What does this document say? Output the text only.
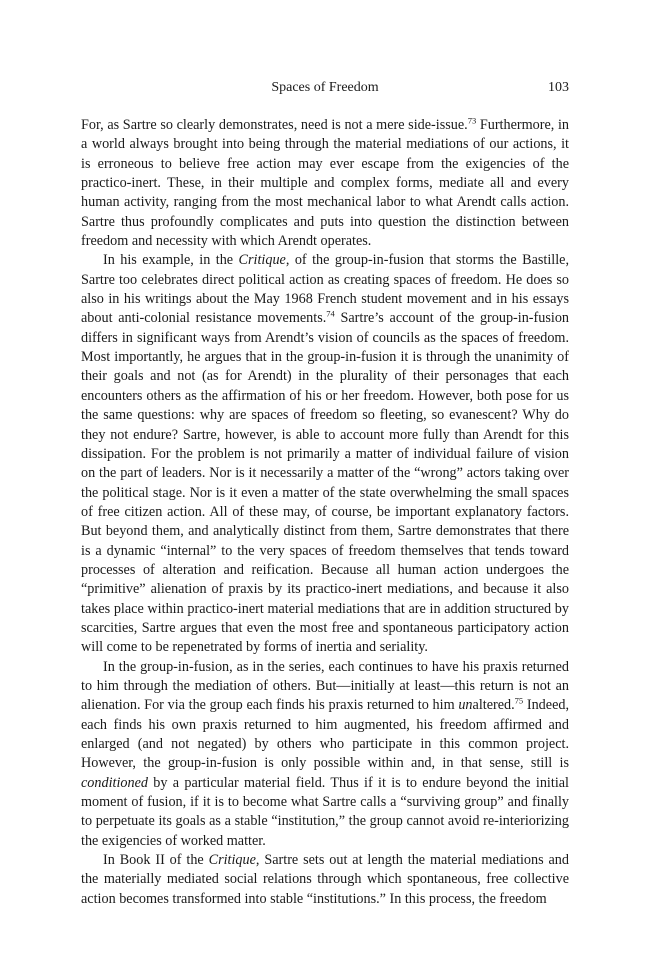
Spaces of Freedom	103

For, as Sartre so clearly demonstrates, need is not a mere side-issue.$^{73}$ Furthermore, in a world always brought into being through the material mediations of our actions, it is erroneous to believe free action may ever escape from the exigencies of the practico-inert. These, in their multiple and complex forms, mediate all and every human activity, ranging from the most mechanical labor to what Arendt calls action. Sartre thus profoundly complicates and puts into question the distinction between freedom and necessity with which Arendt operates.

In his example, in the Critique, of the group-in-fusion that storms the Bastille, Sartre too celebrates direct political action as creating spaces of freedom. He does so also in his writings about the May 1968 French student movement and in his essays about anti-colonial resistance movements.$^{74}$ Sartre’s account of the group-in-fusion differs in significant ways from Arendt’s vision of councils as the spaces of freedom. Most importantly, he argues that in the group-in-fusion it is through the unanimity of their goals and not (as for Arendt) in the plurality of their personages that each encounters others as the affirmation of his or her freedom. However, both pose for us the same questions: why are spaces of freedom so fleeting, so evanescent? Why do they not endure? Sartre, however, is able to account more fully than Arendt for this dissipation. For the problem is not primarily a matter of individual failure of vision on the part of leaders. Nor is it necessarily a matter of the “wrong” actors taking over the political stage. Nor is it even a matter of the state overwhelming the small spaces of free citizen action. All of these may, of course, be important explanatory factors. But beyond them, and analytically distinct from them, Sartre demonstrates that there is a dynamic “internal” to the very spaces of freedom themselves that tends toward processes of alteration and reification. Because all human action undergoes the “primitive” alienation of praxis by its practico-inert mediations, and because it also takes place within practico-inert material mediations that are in addition structured by scarcities, Sartre argues that even the most free and spontaneous participatory action will come to be repenetrated by forms of inertia and seriality.

In the group-in-fusion, as in the series, each continues to have his praxis returned to him through the mediation of others. But—initially at least—this return is not an alienation. For via the group each finds his praxis returned to him unaltered.$^{75}$ Indeed, each finds his own praxis returned to him augmented, his freedom affirmed and enlarged (and not negated) by others who participate in this common project. However, the group-in-fusion is only possible within and, in that sense, still is conditioned by a particular material field. Thus if it is to endure beyond the initial moment of fusion, if it is to become what Sartre calls a “surviving group” and finally to perpetuate its goals as a stable “institution,” the group cannot avoid re-interiorizing the exigencies of worked matter.

In Book II of the Critique, Sartre sets out at length the material mediations and the materially mediated social relations through which spontaneous, free collective action becomes transformed into stable “institutions.” In this process, the freedom
